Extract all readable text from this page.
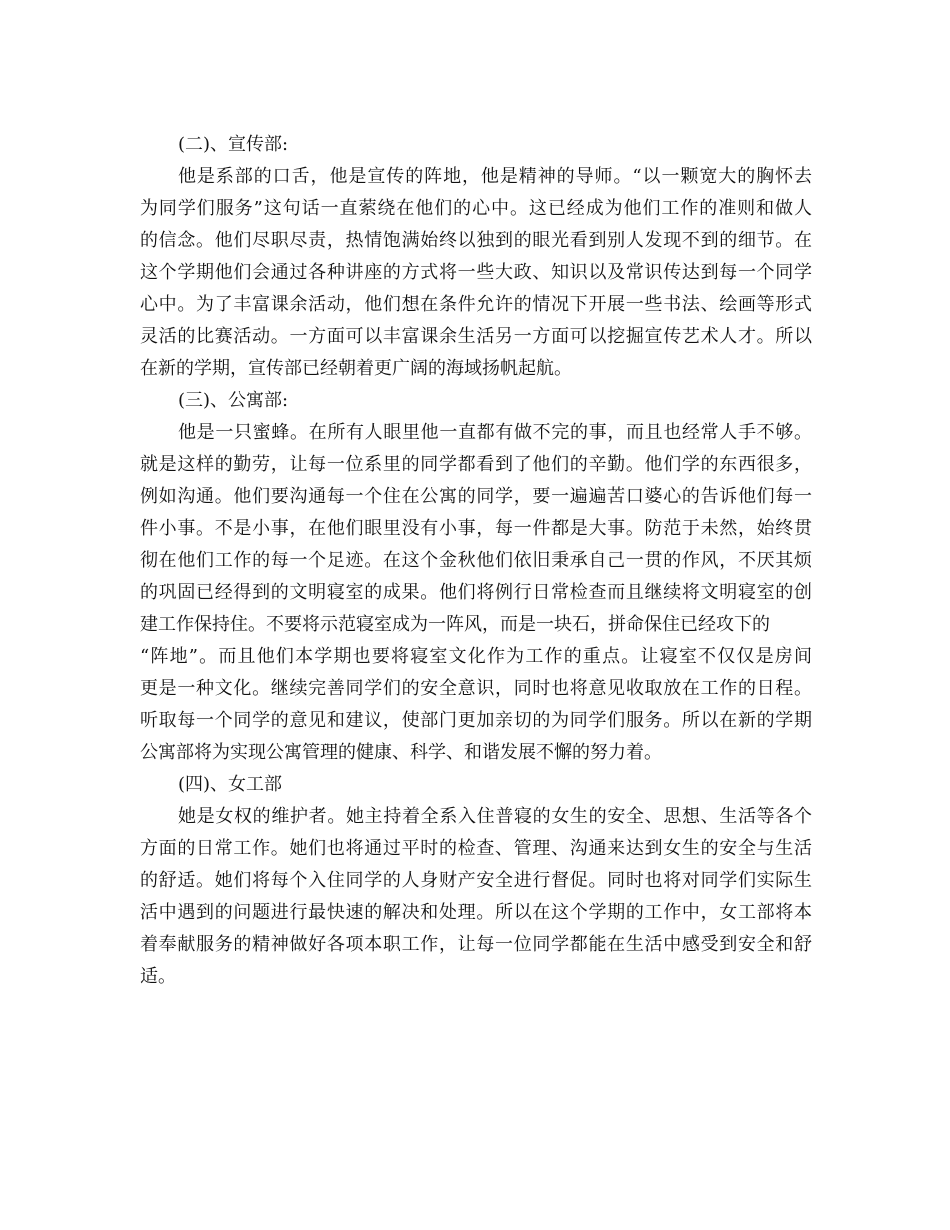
(二)、宣传部:

他是系部的口舌，他是宣传的阵地，他是精神的导师。“以一颗宽大的胸怀去
为同学们服务”这句话一直萦绕在他们的心中。这已经成为他们工作的准则和做人
的信念。他们尽职尽责，热情饱满始终以独到的眼光看到别人发现不到的细节。在
这个学期他们会通过各种讲座的方式将一些大政、知识以及常识传达到每一个同学
心中。为了丰富课余活动，他们想在条件允许的情况下开展一些书法、绘画等形式
灵活的比赛活动。一方面可以丰富课余生活另一方面可以挖掘宣传艺术人才。所以
在新的学期，宣传部已经朝着更广阔的海域扬帆起航。

(三)、公寓部:

他是一只蜜蜂。在所有人眼里他一直都有做不完的事，而且也经常人手不够。
就是这样的勤劳，让每一位系里的同学都看到了他们的辛勤。他们学的东西很多，
例如沟通。他们要沟通每一个住在公寓的同学，要一遍遍苦口婆心的告诉他们每一
件小事。不是小事，在他们眼里没有小事，每一件都是大事。防范于未然，始终贯
彻在他们工作的每一个足迹。在这个金秋他们依旧秉承自己一贯的作风，不厌其烦
的巩固已经得到的文明寝室的成果。他们将例行日常检查而且继续将文明寝室的创
建工作保持住。不要将示范寝室成为一阵风，而是一块石，拼命保住已经攻下的
“阵地”。而且他们本学期也要将寝室文化作为工作的重点。让寝室不仅仅是房间
更是一种文化。继续完善同学们的安全意识，同时也将意见收取放在工作的日程。
听取每一个同学的意见和建议，使部门更加亲切的为同学们服务。所以在新的学期
公寓部将为实现公寓管理的健康、科学、和谐发展不懈的努力着。

(四)、女工部

她是女权的维护者。她主持着全系入住普寝的女生的安全、思想、生活等各个
方面的日常工作。她们也将通过平时的检查、管理、沟通来达到女生的安全与生活
的舒适。她们将每个入住同学的人身财产安全进行督促。同时也将对同学们实际生
活中遇到的问题进行最快速的解决和处理。所以在这个学期的工作中，女工部将本
着奉献服务的精神做好各项本职工作，让每一位同学都能在生活中感受到安全和舒
适。
